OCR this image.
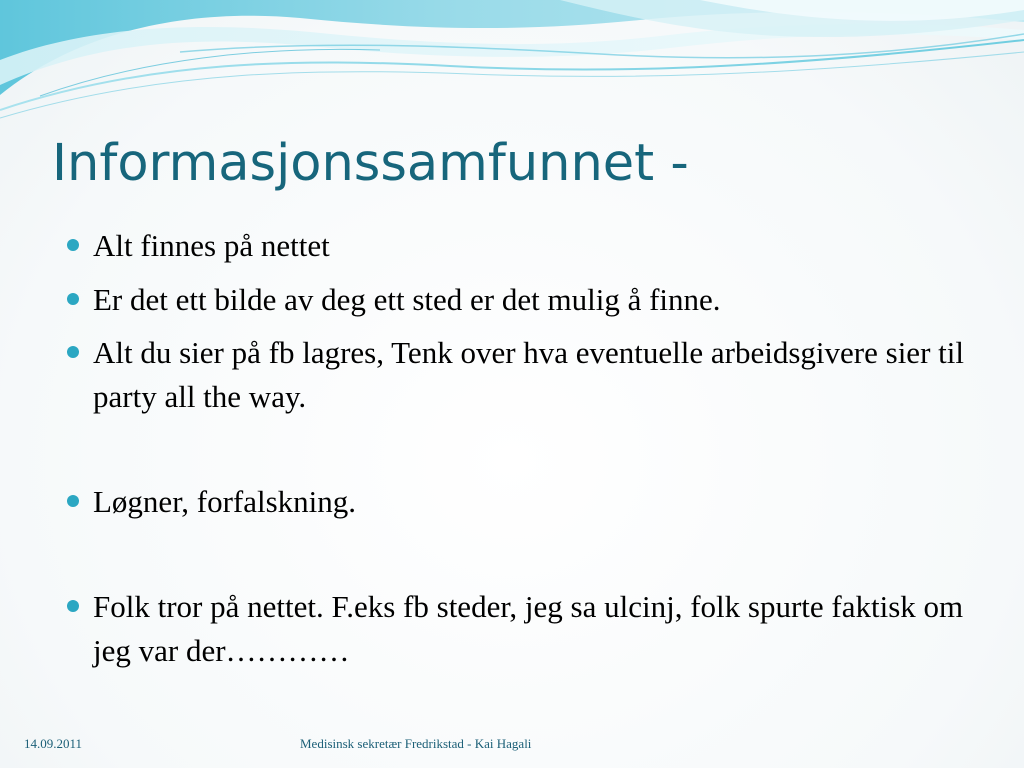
Informasjonssamfunnet -
Alt finnes på nettet
Er det ett bilde av deg ett sted er det mulig å finne.
Alt du sier på fb lagres, Tenk over hva eventuelle arbeidsgivere sier til party all the way.
Løgner, forfalskning.
Folk tror på nettet. F.eks fb steder, jeg sa ulcinj, folk spurte faktisk om jeg var der…………
14.09.2011	Medisinsk sekretær Fredrikstad - Kai Hagali
